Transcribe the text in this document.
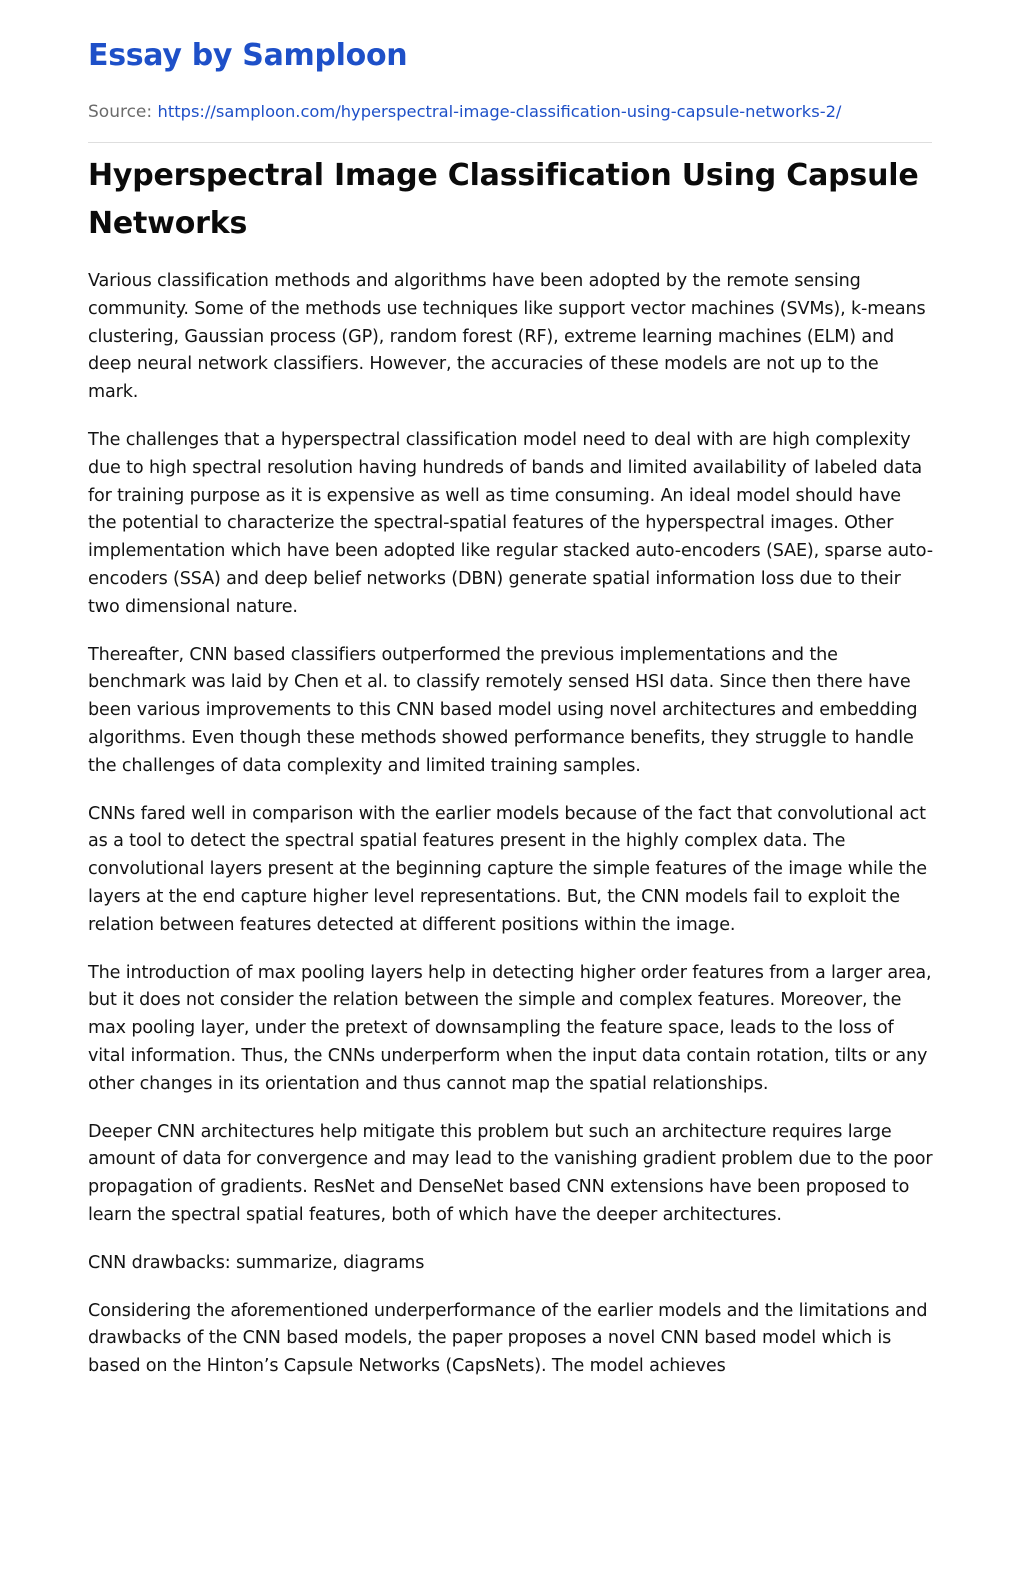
Essay by Samploon
Source: https://samploon.com/hyperspectral-image-classification-using-capsule-networks-2/
Hyperspectral Image Classification Using Capsule Networks

Various classification methods and algorithms have been adopted by the remote sensing community. Some of the methods use techniques like support vector machines (SVMs), k-means clustering, Gaussian process (GP), random forest (RF), extreme learning machines (ELM) and deep neural network classifiers. However, the accuracies of these models are not up to the mark.

The challenges that a hyperspectral classification model need to deal with are high complexity due to high spectral resolution having hundreds of bands and limited availability of labeled data for training purpose as it is expensive as well as time consuming. An ideal model should have the potential to characterize the spectral-spatial features of the hyperspectral images. Other implementation which have been adopted like regular stacked auto-encoders (SAE), sparse auto-encoders (SSA) and deep belief networks (DBN) generate spatial information loss due to their two dimensional nature.

Thereafter, CNN based classifiers outperformed the previous implementations and the benchmark was laid by Chen et al. to classify remotely sensed HSI data. Since then there have been various improvements to this CNN based model using novel architectures and embedding algorithms. Even though these methods showed performance benefits, they struggle to handle the challenges of data complexity and limited training samples.

CNNs fared well in comparison with the earlier models because of the fact that convolutional act as a tool to detect the spectral spatial features present in the highly complex data. The convolutional layers present at the beginning capture the simple features of the image while the layers at the end capture higher level representations. But, the CNN models fail to exploit the relation between features detected at different positions within the image.

The introduction of max pooling layers help in detecting higher order features from a larger area, but it does not consider the relation between the simple and complex features. Moreover, the max pooling layer, under the pretext of downsampling the feature space, leads to the loss of vital information. Thus, the CNNs underperform when the input data contain rotation, tilts or any other changes in its orientation and thus cannot map the spatial relationships.

Deeper CNN architectures help mitigate this problem but such an architecture requires large amount of data for convergence and may lead to the vanishing gradient problem due to the poor propagation of gradients. ResNet and DenseNet based CNN extensions have been proposed to learn the spectral spatial features, both of which have the deeper architectures.

CNN drawbacks: summarize, diagrams

Considering the aforementioned underperformance of the earlier models and the limitations and drawbacks of the CNN based models, the paper proposes a novel CNN based model which is based on the Hinton’s Capsule Networks (CapsNets). The model achieves
